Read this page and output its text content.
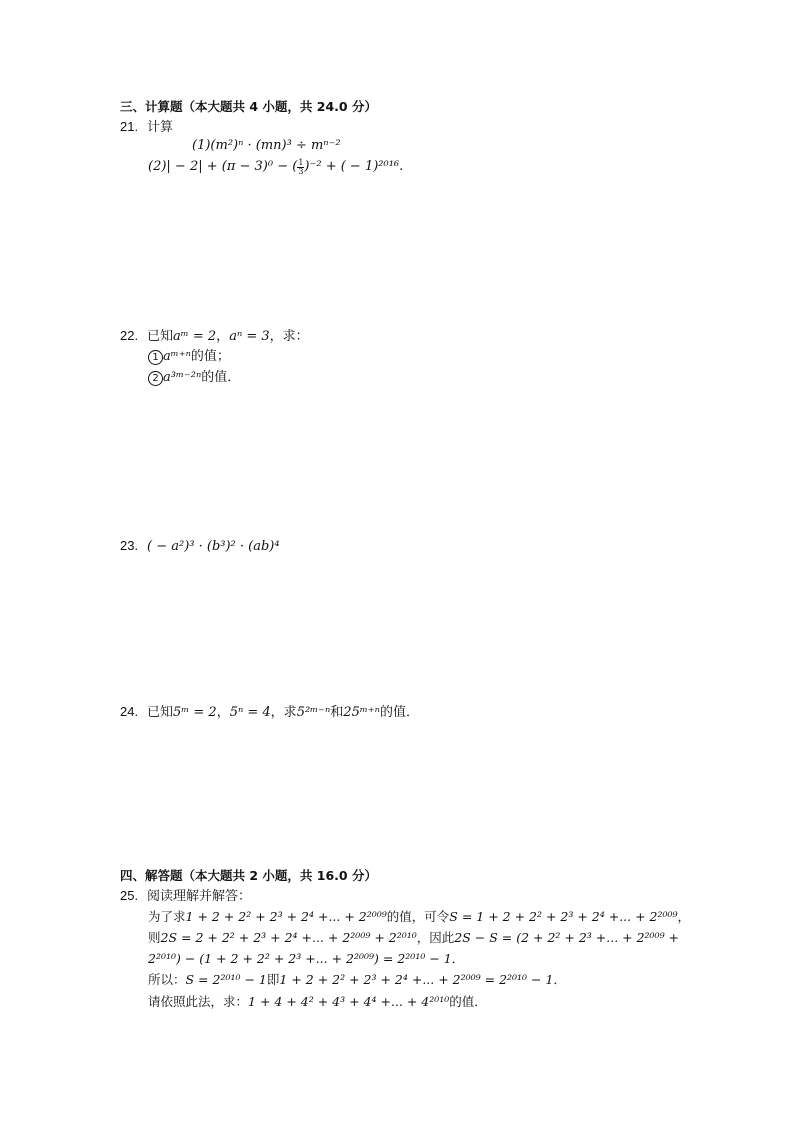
三、计算题（本大题共 4 小题，共 24.0 分）
21. 计算
(1)(m²)ⁿ · (mn)³ ÷ mⁿ⁻²
(2)| − 2| + (π − 3)⁰ − ( $\frac{1}{3} )^{-2}$ + ( − 1)²⁰¹⁶.
22. 已知aᵐ = 2，aⁿ = 3，求：
1 aᵐ⁺ⁿ的值；
2 a³ᵐ⁻²ⁿ的值．
23. ( − a²)³ · (b³)² · (ab)⁴
24. 已知5ᵐ = 2，5ⁿ = 4，求5²ᵐ⁻ⁿ和25ᵐ⁺ⁿ的值．
四、解答题（本大题共 2 小题，共 16.0 分）
25. 阅读理解并解答：
为了求1 + 2 + 2² + 2³ + 2⁴ +... + 2²⁰⁰⁹的值，可令S = 1 + 2 + 2² + 2³ + 2⁴ +... + 2²⁰⁰⁹，
则2S = 2 + 2² + 2³ + 2⁴ +... + 2²⁰⁰⁹ + 2²⁰¹⁰，因此2S − S = (2 + 2² + 2³ +... + 2²⁰⁰⁹ +
2²⁰¹⁰) − (1 + 2 + 2² + 2³ +... + 2²⁰⁰⁹) = 2²⁰¹⁰ − 1．
所以：S = 2²⁰¹⁰ − 1即1 + 2 + 2² + 2³ + 2⁴ +... + 2²⁰⁰⁹ = 2²⁰¹⁰ − 1．
请依照此法，求：1 + 4 + 4² + 4³ + 4⁴ +... + 4²⁰¹⁰的值．
